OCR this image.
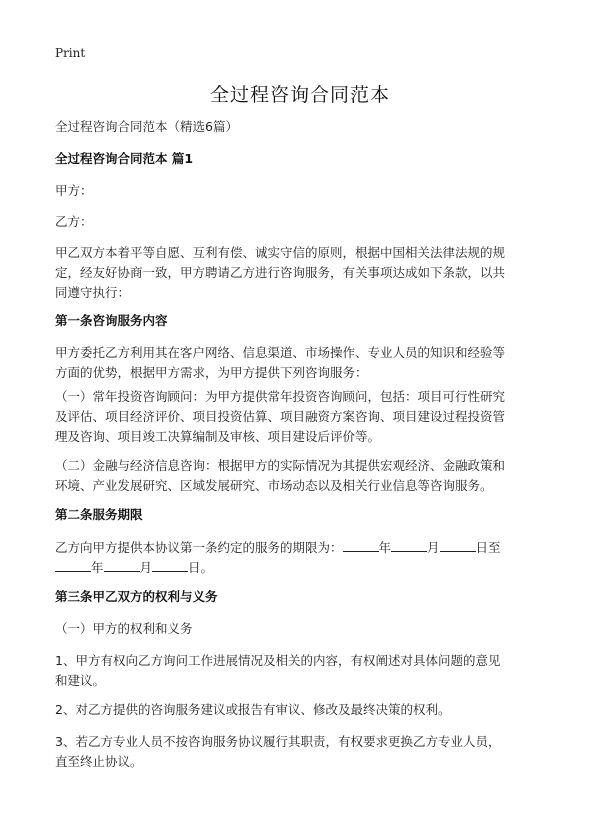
Print
全过程咨询合同范本
全过程咨询合同范本（精选6篇）
全过程咨询合同范本 篇1
甲方：
乙方：
甲乙双方本着平等自愿、互利有偿、诚实守信的原则，根据中国相关法律法规的规
定，经友好协商一致，甲方聘请乙方进行咨询服务，有关事项达成如下条款，以共
同遵守执行：
第一条咨询服务内容
甲方委托乙方利用其在客户网络、信息渠道、市场操作、专业人员的知识和经验等
方面的优势，根据甲方需求，为甲方提供下列咨询服务：
（一）常年投资咨询顾问：为甲方提供常年投资咨询顾问，包括：项目可行性研究
及评估、项目经济评价、项目投资估算、项目融资方案咨询、项目建设过程投资管
理及咨询、项目竣工决算编制及审核、项目建设后评价等。
（二）金融与经济信息咨询：根据甲方的实际情况为其提供宏观经济、金融政策和
环境、产业发展研究、区域发展研究、市场动态以及相关行业信息等咨询服务。
第二条服务期限
乙方向甲方提供本协议第一条约定的服务的期限为：	年	月	日至
年	月	日。
第三条甲乙双方的权利与义务
（一）甲方的权利和义务
1、甲方有权向乙方询问工作进展情况及相关的内容，有权阐述对具体问题的意见
和建议。
2、对乙方提供的咨询服务建议或报告有审议、修改及最终决策的权利。
3、若乙方专业人员不按咨询服务协议履行其职责，有权要求更换乙方专业人员，
直至终止协议。
